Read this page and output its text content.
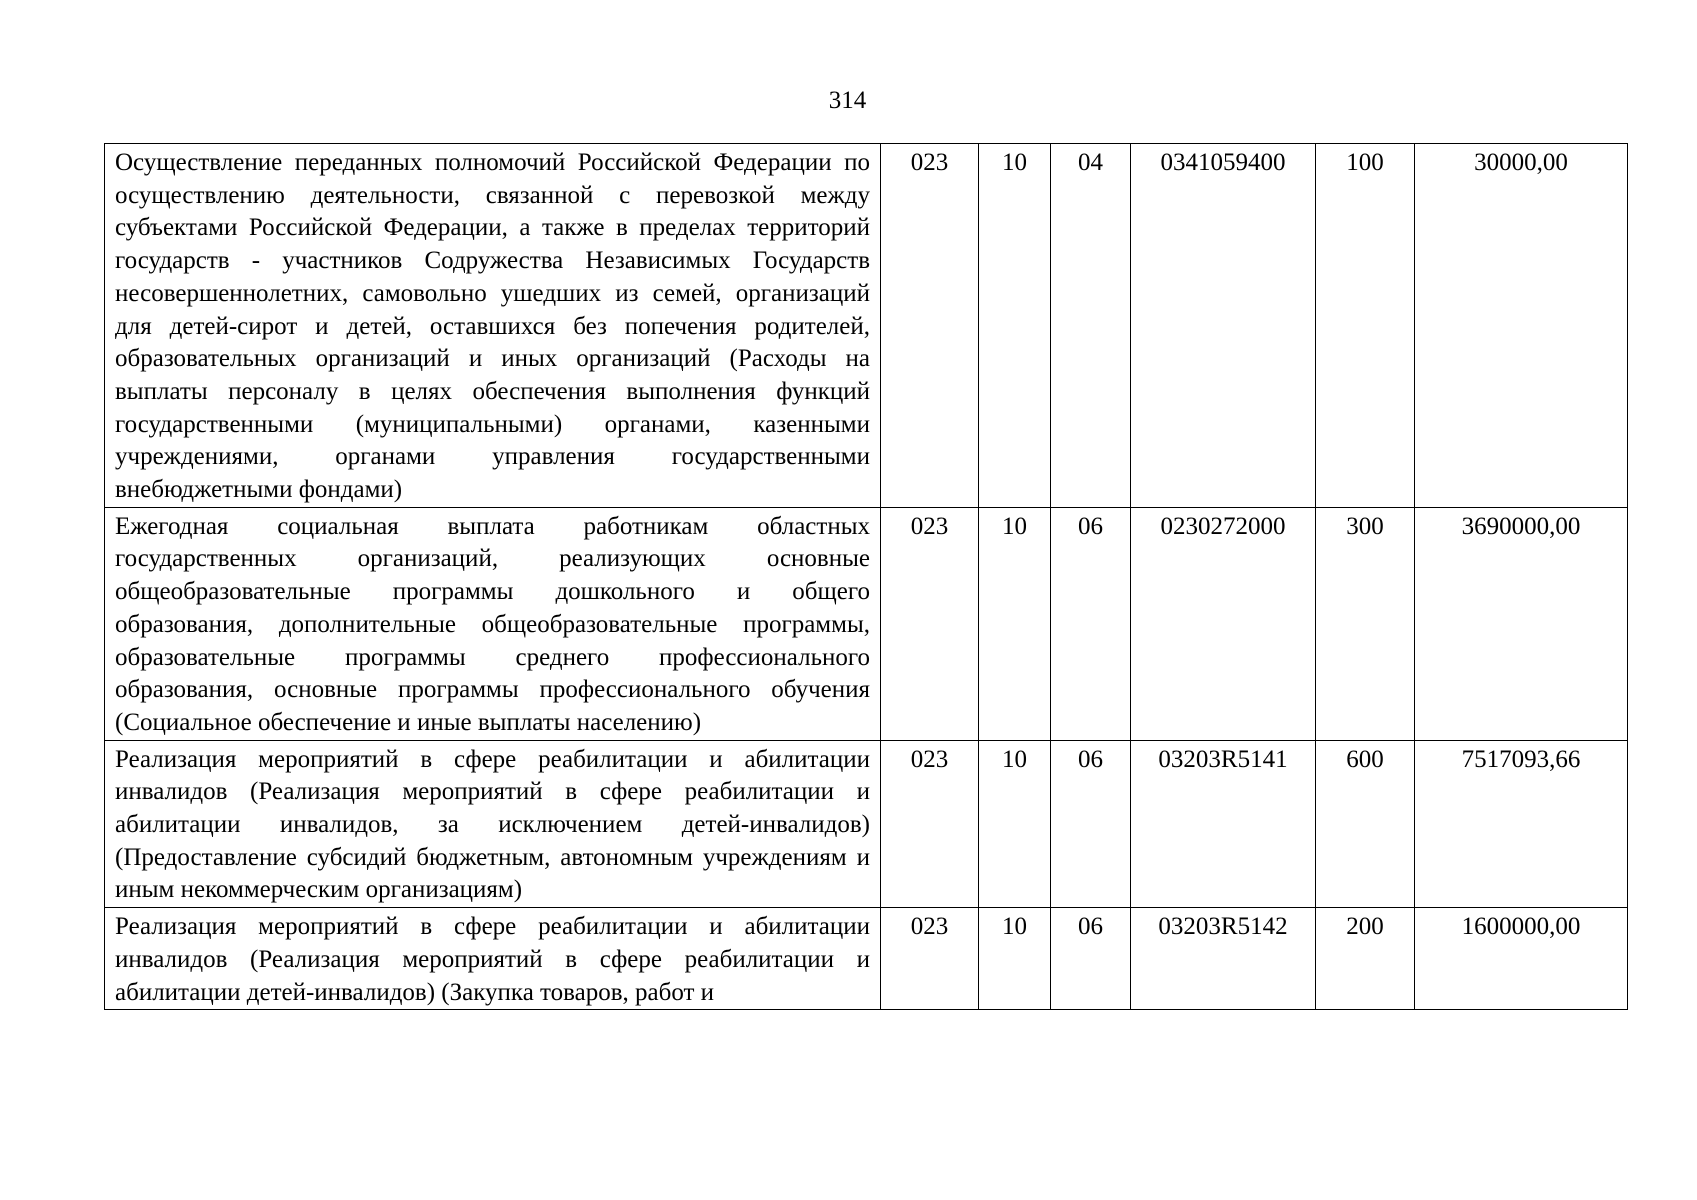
314
Осуществление переданных полномочий Российской Федерации по осуществлению деятельности, связанной с перевозкой между субъектами Российской Федерации, а также в пределах территорий государств - участников Содружества Независимых Государств несовершеннолетних, самовольно ушедших из семей, организаций для детей-сирот и детей, оставшихся без попечения родителей, образовательных организаций и иных организаций (Расходы на выплаты персоналу в целях обеспечения выполнения функций государственными (муниципальными) органами, казенными учреждениями, органами управления государственными внебюджетными фондами)	023	10	04	0341059400	100	30000,00
Ежегодная социальная выплата работникам областных государственных организаций, реализующих основные общеобразовательные программы дошкольного и общего образования, дополнительные общеобразовательные программы, образовательные программы среднего профессионального образования, основные программы профессионального обучения (Социальное обеспечение и иные выплаты населению)	023	10	06	0230272000	300	3690000,00
Реализация мероприятий в сфере реабилитации и абилитации инвалидов (Реализация мероприятий в сфере реабилитации и абилитации инвалидов, за исключением детей-инвалидов) (Предоставление субсидий бюджетным, автономным учреждениям и иным некоммерческим организациям)	023	10	06	03203R5141	600	7517093,66
Реализация мероприятий в сфере реабилитации и абилитации инвалидов (Реализация мероприятий в сфере реабилитации и абилитации детей-инвалидов) (Закупка товаров, работ и	023	10	06	03203R5142	200	1600000,00
